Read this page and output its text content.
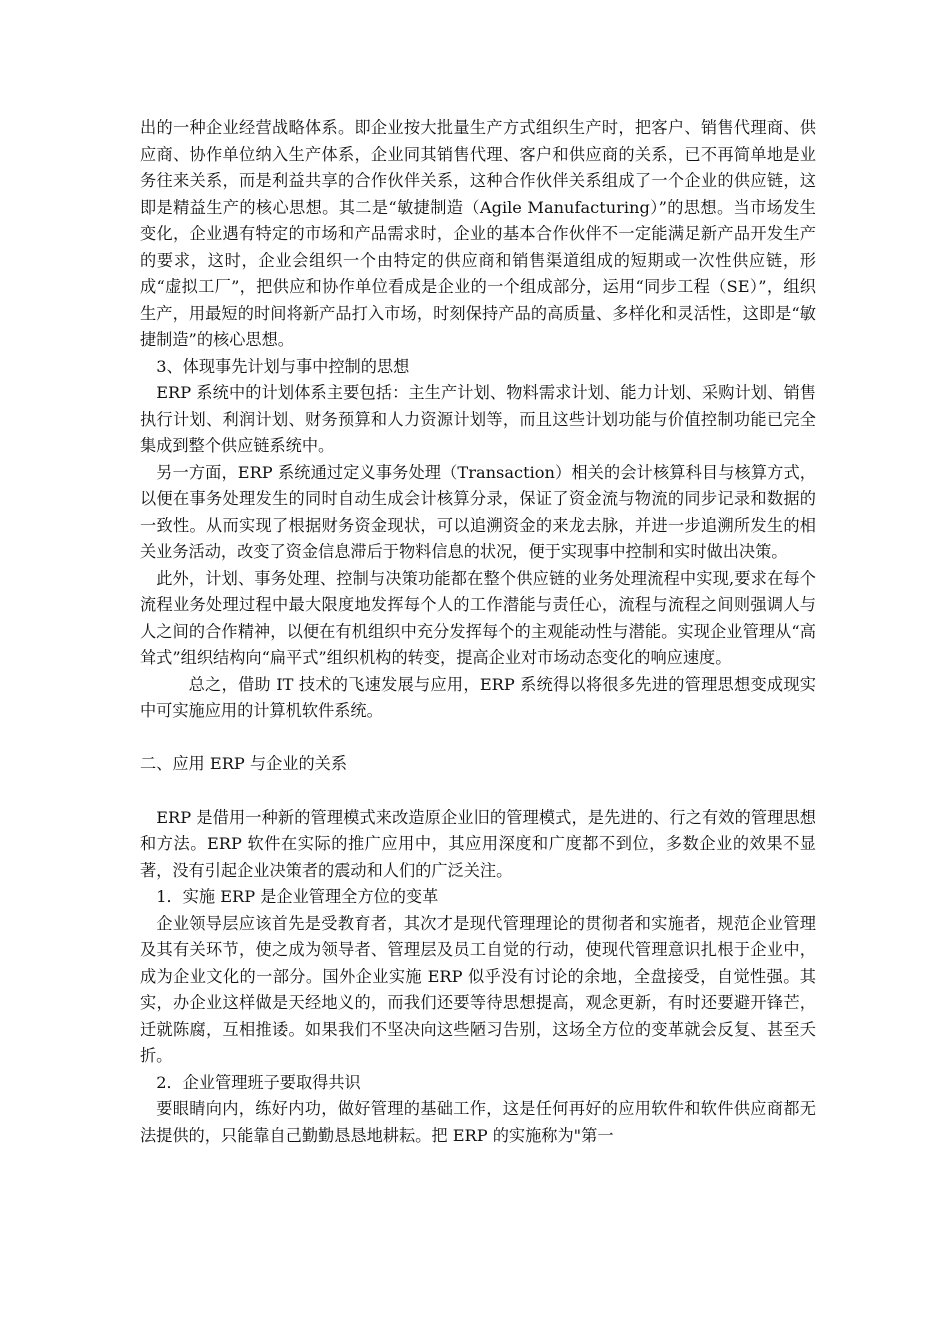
出的一种企业经营战略体系。即企业按大批量生产方式组织生产时，把客户、销售代理商、供应商、协作单位纳入生产体系，企业同其销售代理、客户和供应商的关系，已不再简单地是业务往来关系，而是利益共享的合作伙伴关系，这种合作伙伴关系组成了一个企业的供应链，这即是精益生产的核心思想。其二是“敏捷制造（Agile Manufacturing）”的思想。当市场发生变化，企业遇有特定的市场和产品需求时，企业的基本合作伙伴不一定能满足新产品开发生产的要求，这时，企业会组织一个由特定的供应商和销售渠道组成的短期或一次性供应链，形成“虚拟工厂”，把供应和协作单位看成是企业的一个组成部分，运用“同步工程（SE）”，组织生产，用最短的时间将新产品打入市场，时刻保持产品的高质量、多样化和灵活性，这即是“敏捷制造”的核心思想。

3、体现事先计划与事中控制的思想

ERP 系统中的计划体系主要包括：主生产计划、物料需求计划、能力计划、采购计划、销售执行计划、利润计划、财务预算和人力资源计划等，而且这些计划功能与价值控制功能已完全集成到整个供应链系统中。

另一方面，ERP 系统通过定义事务处理（Transaction）相关的会计核算科目与核算方式，以便在事务处理发生的同时自动生成会计核算分录，保证了资金流与物流的同步记录和数据的一致性。从而实现了根据财务资金现状，可以追溯资金的来龙去脉，并进一步追溯所发生的相关业务活动，改变了资金信息滞后于物料信息的状况，便于实现事中控制和实时做出决策。

此外，计划、事务处理、控制与决策功能都在整个供应链的业务处理流程中实现,要求在每个流程业务处理过程中最大限度地发挥每个人的工作潜能与责任心，流程与流程之间则强调人与人之间的合作精神，以便在有机组织中充分发挥每个的主观能动性与潜能。实现企业管理从“高耸式”组织结构向“扁平式”组织机构的转变，提高企业对市场动态变化的响应速度。

总之，借助 IT 技术的飞速发展与应用，ERP 系统得以将很多先进的管理思想变成现实中可实施应用的计算机软件系统。

二、应用 ERP 与企业的关系

ERP 是借用一种新的管理模式来改造原企业旧的管理模式，是先进的、行之有效的管理思想和方法。ERP 软件在实际的推广应用中，其应用深度和广度都不到位，多数企业的效果不显著，没有引起企业决策者的震动和人们的广泛关注。

1．实施 ERP 是企业管理全方位的变革

企业领导层应该首先是受教育者，其次才是现代管理理论的贯彻者和实施者，规范企业管理及其有关环节，使之成为领导者、管理层及员工自觉的行动，使现代管理意识扎根于企业中，成为企业文化的一部分。国外企业实施 ERP 似乎没有讨论的余地，全盘接受，自觉性强。其实，办企业这样做是天经地义的，而我们还要等待思想提高，观念更新，有时还要避开锋芒，迁就陈腐，互相推诿。如果我们不坚决向这些陋习告别，这场全方位的变革就会反复、甚至夭折。

2．企业管理班子要取得共识

要眼睛向内，练好内功，做好管理的基础工作，这是任何再好的应用软件和软件供应商都无法提供的，只能靠自己勤勤恳恳地耕耘。把 ERP 的实施称为"第一
